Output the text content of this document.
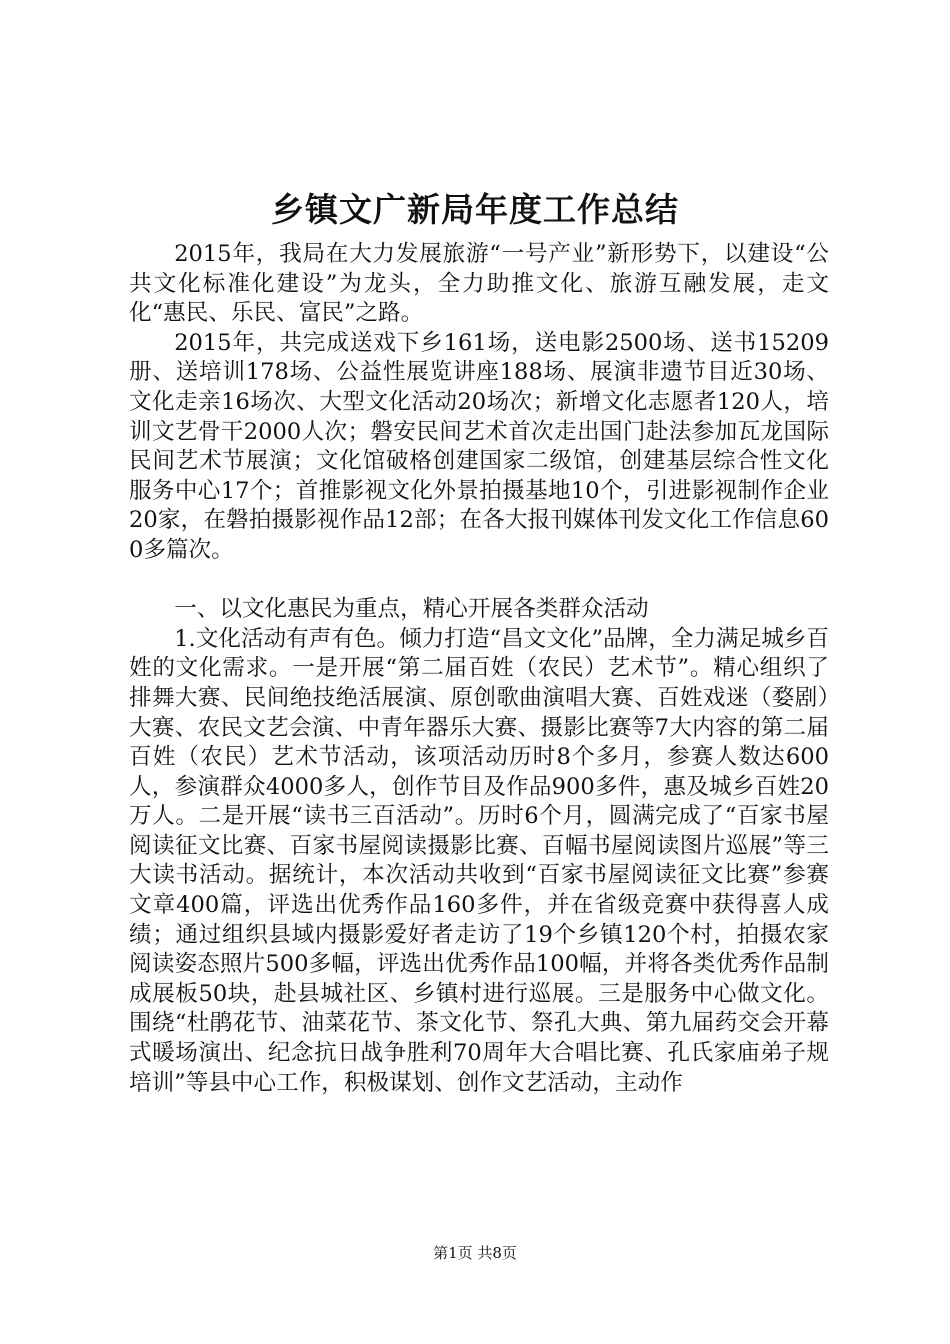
乡镇文广新局年度工作总结

2015年，我局在大力发展旅游“一号产业”新形势下，以建设“公共文化标准化建设”为龙头，全力助推文化、旅游互融发展，走文化“惠民、乐民、富民”之路。

2015年，共完成送戏下乡161场，送电影2500场、送书15209册、送培训178场、公益性展览讲座188场、展演非遗节目近30场、文化走亲16场次、大型文化活动20场次；新增文化志愿者120人，培训文艺骨干2000人次；磐安民间艺术首次走出国门赴法参加瓦龙国际民间艺术节展演；文化馆破格创建国家二级馆，创建基层综合性文化服务中心17个；首推影视文化外景拍摄基地10个，引进影视制作企业20家，在磐拍摄影视作品12部；在各大报刊媒体刊发文化工作信息600多篇次。

一、以文化惠民为重点，精心开展各类群众活动

1.文化活动有声有色。倾力打造“昌文文化”品牌，全力满足城乡百姓的文化需求。一是开展“第二届百姓（农民）艺术节”。精心组织了排舞大赛、民间绝技绝活展演、原创歌曲演唱大赛、百姓戏迷（婺剧）大赛、农民文艺会演、中青年器乐大赛、摄影比赛等7大内容的第二届百姓（农民）艺术节活动，该项活动历时8个多月，参赛人数达600人，参演群众4000多人，创作节目及作品900多件，惠及城乡百姓20万人。二是开展“读书三百活动”。历时6个月，圆满完成了“百家书屋阅读征文比赛、百家书屋阅读摄影比赛、百幅书屋阅读图片巡展”等三大读书活动。据统计，本次活动共收到“百家书屋阅读征文比赛”参赛文章400篇，评选出优秀作品160多件，并在省级竞赛中获得喜人成绩；通过组织县域内摄影爱好者走访了19个乡镇120个村，拍摄农家阅读姿态照片500多幅，评选出优秀作品100幅，并将各类优秀作品制成展板50块，赴县城社区、乡镇村进行巡展。三是服务中心做文化。围绕“杜鹃花节、油菜花节、茶文化节、祭孔大典、第九届药交会开幕式暖场演出、纪念抗日战争胜利70周年大合唱比赛、孔氏家庙弟子规培训”等县中心工作，积极谋划、创作文艺活动，主动作

第1页 共8页
